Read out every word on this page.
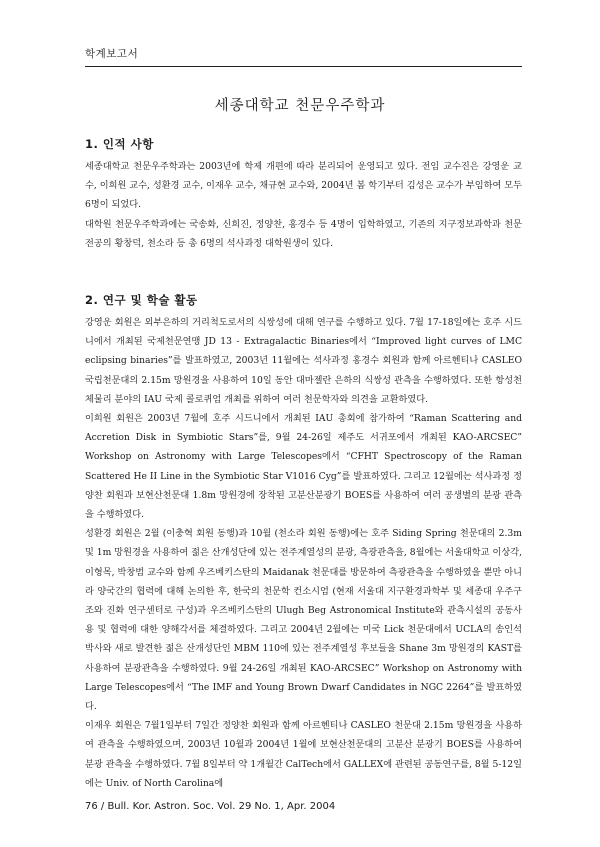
학계보고서
세종대학교 천문우주학과
1. 인적 사항

세종대학교 천문우주학과는 2003년에 학제 개편에 따라 분리되어 운영되고 있다. 전임 교수진은 강영운 교수, 이희원 교수, 성환경 교수, 이재우 교수, 채규현 교수와, 2004년 봄 학기부터 김성은 교수가 부임하여 모두 6명이 되었다.

대학원 천문우주학과에는 국송화, 신희진, 정양찬, 홍경수 등 4명이 입학하였고, 기존의 지구정보과학과 천문전공의 황창덕, 천소라 등 총 6명의 석사과정 대학원생이 있다.

2. 연구 및 학술 활동

강영운 회원은 외부은하의 거리척도로서의 식쌍성에 대해 연구를 수행하고 있다. 7월 17-18일에는 호주 시드니에서 개최된 국제천문연맹 JD 13 - Extragalactic Binaries에서 “Improved light curves of LMC eclipsing binaries”를 발표하였고, 2003년 11월에는 석사과정 홍경수 회원과 함께 아르헨티나 CASLEO 국립천문대의 2.15m 망원경을 사용하여 10일 동안 대마젤란 은하의 식쌍성 관측을 수행하였다. 또한 항성천체물리 분야의 IAU 국제 콜로퀴엄 개최를 위하여 여러 천문학자와 의견을 교환하였다.

이희원 회원은 2003년 7월에 호주 시드니에서 개최된 IAU 총회에 참가하여 “Raman Scattering and Accretion Disk in Symbiotic Stars”를, 9월 24-26일 제주도 서귀포에서 개최된 KAO-ARCSEC” Workshop on Astronomy with Large Telescopes에서 “CFHT Spectroscopy of the Raman Scattered He II Line in the Symbiotic Star V1016 Cyg”를 발표하였다. 그리고 12월에는 석사과정 정양찬 회원과 보현산천문대 1.8m 망원경에 장착된 고분산분광기 BOES를 사용하여 여러 공생별의 분광 관측을 수행하였다.

성환경 회원은 2월 (이충혁 회원 동행)과 10월 (천소라 회원 동행)에는 호주 Siding Spring 천문대의 2.3m 및 1m 망원경을 사용하여 젊은 산개성단에 있는 전주계열성의 분광, 측광관측을, 8월에는 서울대학교 이상각, 이형목, 박창범 교수와 함께 우즈베키스탄의 Maidanak 천문대를 방문하여 측광관측을 수행하였을 뿐만 아니라 양국간의 협력에 대해 논의한 후, 한국의 천문학 컨소시엄 (현재 서울대 지구환경과학부 및 세종대 우주구조와 진화 연구센터로 구성)과 우즈베키스탄의 Ulugh Beg Astronomical Institute와 관측시설의 공동사용 및 협력에 대한 양해각서를 체결하였다. 그리고 2004년 2월에는 미국 Lick 천문대에서 UCLA의 송인석 박사와 새로 발견한 젊은 산개성단인 MBM 110에 있는 전주계열성 후보들을 Shane 3m 망원경의 KAST를 사용하여 분광관측을 수행하였다. 9월 24-26일 개최된 KAO-ARCSEC” Workshop on Astronomy with Large Telescopes에서 “The IMF and Young Brown Dwarf Candidates in NGC 2264”를 발표하였다.

이재우 회원은 7월1일부터 7일간 정양찬 회원과 함께 아르헨티나 CASLEO 천문대 2.15m 망원경을 사용하여 관측을 수행하였으며, 2003년 10월과 2004년 1월에 보현산천문대의 고분산 분광기 BOES를 사용하여 분광 관측을 수행하였다. 7월 8일부터 약 1개월간 CalTech에서 GALLEX에 관련된 공동연구를, 8월 5-12일에는 Univ. of North Carolina에

76 / Bull. Kor. Astron. Soc. Vol. 29 No. 1, Apr. 2004
